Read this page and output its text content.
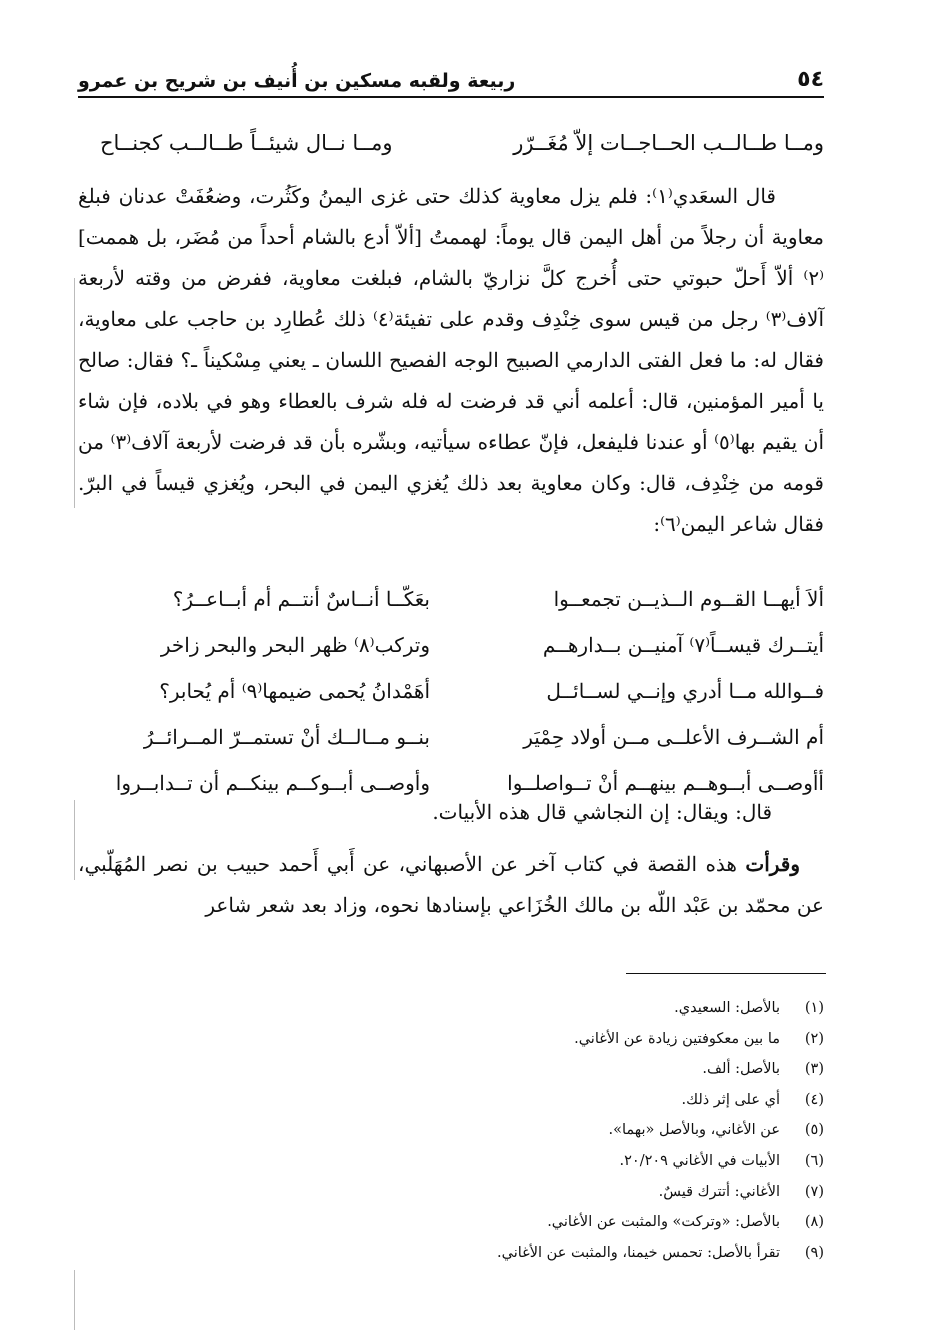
٥٤
ربيعة ولقبه مسكين بن أُنيف بن شريح بن عمرو
ومــا طــالــب الحــاجــات إلاّ مُغَــرّر
ومــا نــال شيئــاً طــالــب كجنــاح

قال السعَدي⁽١⁾: فلم يزل معاوية كذلك حتى غزى اليمنُ وكَثُرت، وضعُفَتْ عدنان فبلغ معاوية أن رجلاً من أهل اليمن قال يوماً: لهممتُ [ألاّ أدع بالشام أحداً من مُضَر، بل هممت]⁽٢⁾ ألاّ أَحلّ حبوتي حتى أُخرج كلَّ نزاريّ بالشام، فبلغت معاوية، ففرض من وقته لأربعة آلاف⁽٣⁾ رجل من قيس سوى خِنْدِف وقدم على تفيئة⁽٤⁾ ذلك عُطارِد بن حاجب على معاوية، فقال له: ما فعل الفتى الدارمي الصبيح الوجه الفصيح اللسان ـ يعني مِسْكيناً ـ؟ فقال: صالح يا أمير المؤمنين، قال: أعلمه أني قد فرضت له فله شرف بالعطاء وهو في بلاده، فإن شاء أن يقيم بها⁽٥⁾ أو عندنا فليفعل، فإنّ عطاءه سيأتيه، وبشّره بأن قد فرضت لأربعة آلاف⁽٣⁾ من قومه من خِنْدِف، قال: وكان معاوية بعد ذلك يُغزي اليمن في البحر، ويُغزي قيساً في البرّ. فقال شاعر اليمن⁽٦⁾:

ألاَ أيهــا القــوم الــذيــن تجمعــوا
بعَكّــا أنــاسٌ أنتــم أم أبــاعــرُ؟
أيتــرك قيســاً⁽٧⁾ آمنيــن بــدارهــم
وتركب⁽٨⁾ ظهر البحر والبحر زاخر
فــوالله مــا أدري وإنــي لســائــل
أهَمْدانُ يُحمى ضيمها⁽٩⁾ أم يُحابر؟
أم الشــرف الأعلــى مــن أولاد حِمْيَر
بنــو مــالــك أنْ تستمــرّ المــرائــرُ
أأوصــى أبــوهــم بينهــم أنْ تــواصلــوا
وأوصــى أبــوكــم بينكــم أن تــدابــروا
قال: ويقال: إن النجاشي قال هذه الأبيات.

وقرأت هذه القصة في كتاب آخر عن الأصبهاني، عن أَبي أَحمد حبيب بن نصر المُهَلّبي، عن محمّد بن عَبْد اللّه بن مالك الخُزَاعي بإسنادها نحوه، وزاد بعد شعر شاعر

(١)
بالأصل: السعيدي.
(٢)
ما بين معكوفتين زيادة عن الأغاني.
(٣)
بالأصل: ألف.
(٤)
أي على إثر ذلك.
(٥)
عن الأغاني، وبالأصل «بهما».
(٦)
الأبيات في الأغاني ٢٠/٢٠٩.
(٧)
الأغاني: أتترك قيسٌ.
(٨)
بالأصل: «وتركت» والمثبت عن الأغاني.
(٩)
تقرأ بالأصل: تحمس خيمنا، والمثبت عن الأغاني.
